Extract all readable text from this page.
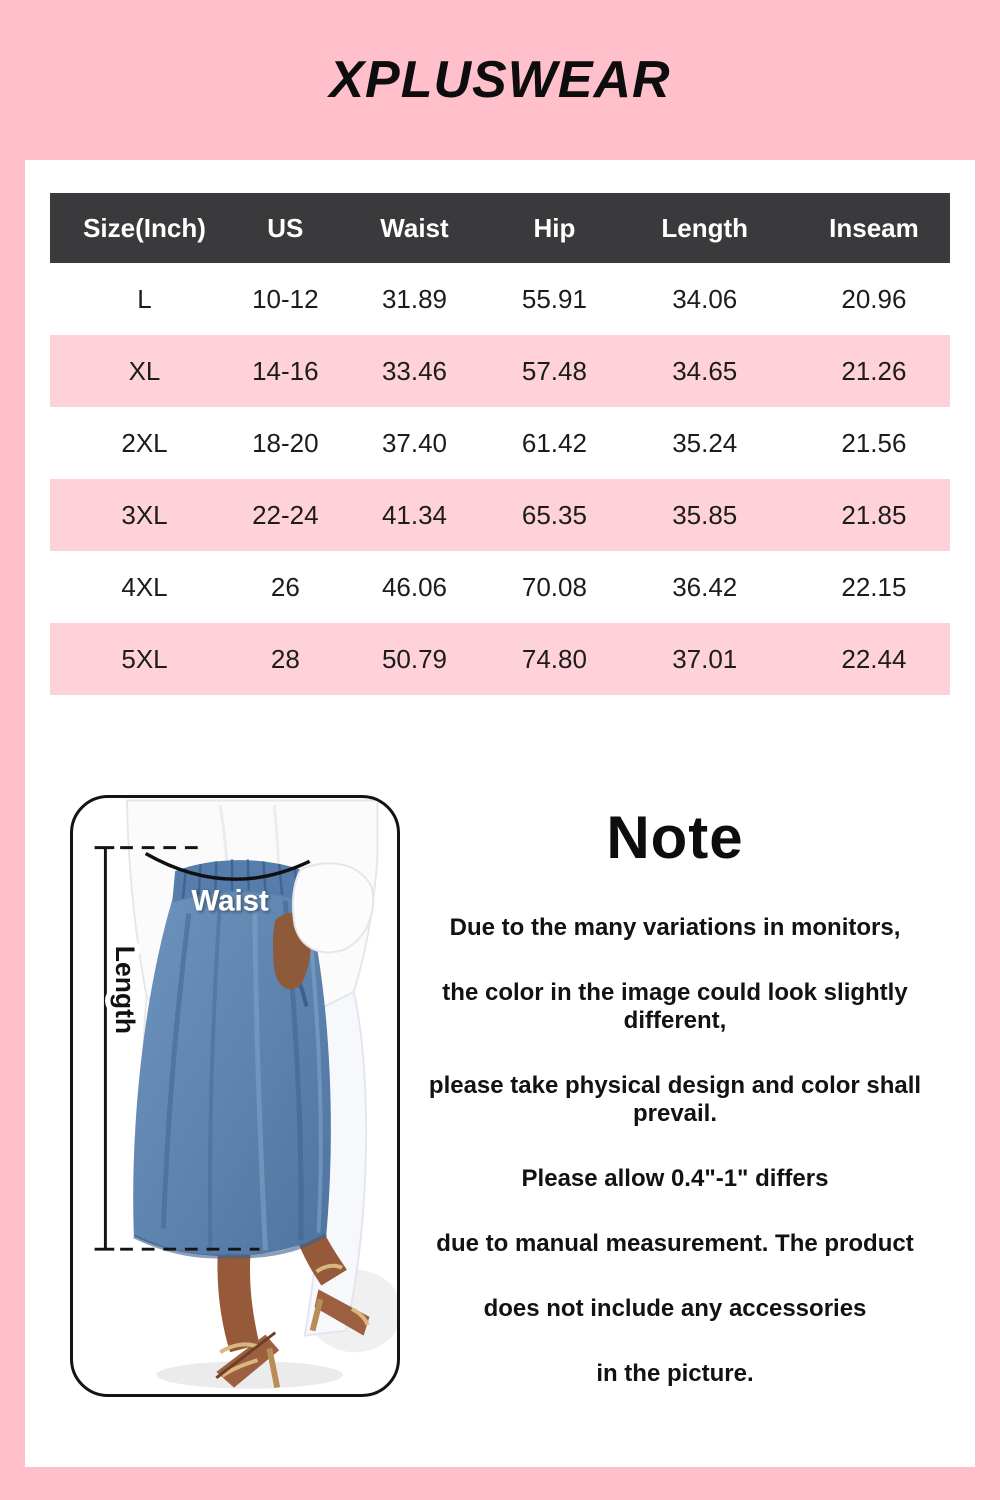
XPLUSWEAR
Size(Inch)	US	Waist	Hip	Length	Inseam
L	10-12	31.89	55.91	34.06	20.96
XL	14-16	33.46	57.48	34.65	21.26
2XL	18-20	37.40	61.42	35.24	21.56
3XL	22-24	41.34	65.35	35.85	21.85
4XL	26	46.06	70.08	36.42	22.15
5XL	28	50.79	74.80	37.01	22.44
Waist
Length
Note

Due to the many variations in monitors,

the color in the image could look slightly different,

please take physical design and color shall prevail.

Please allow 0.4"-1" differs

due to manual measurement. The product

does not include any accessories

in the picture.
